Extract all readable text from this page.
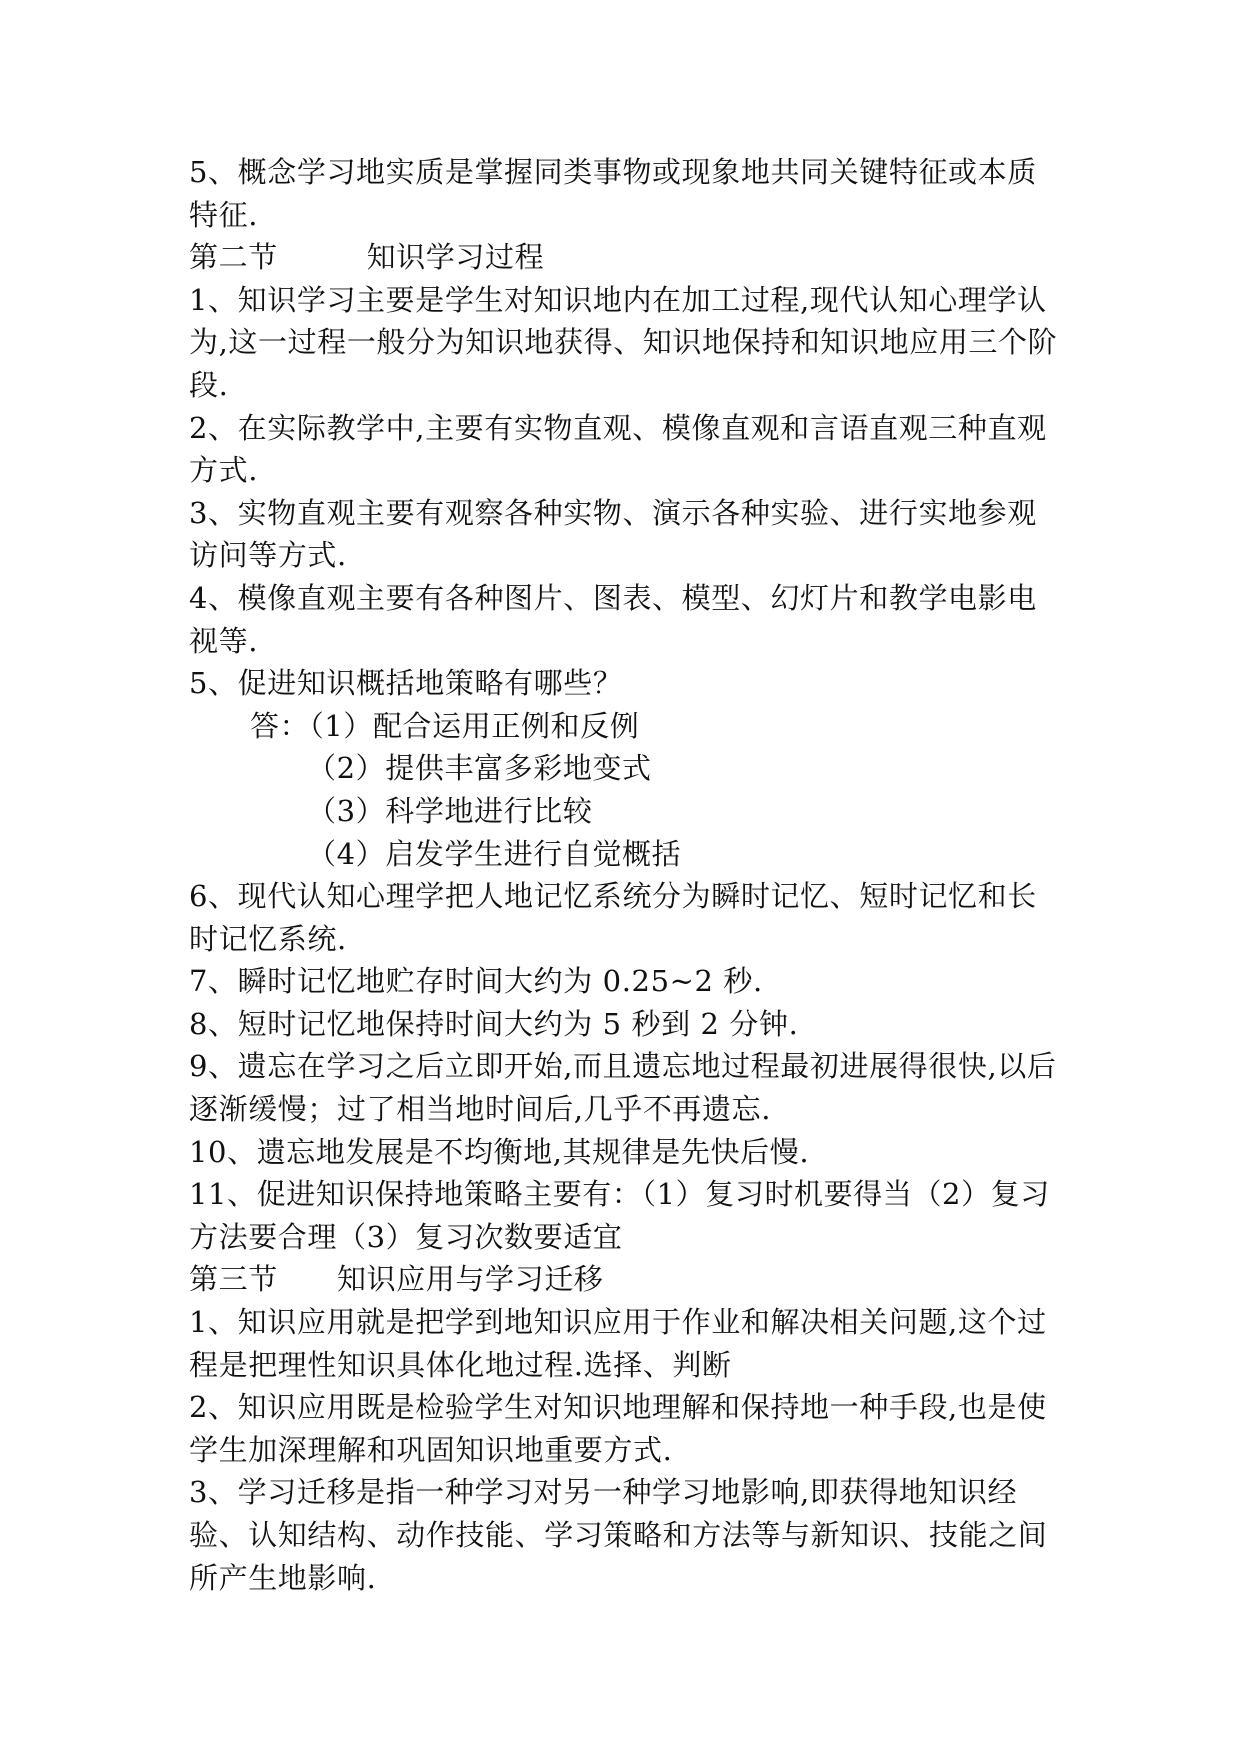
5、概念学习地实质是掌握同类事物或现象地共同关键特征或本质特征.

第二节　　　知识学习过程

1、知识学习主要是学生对知识地内在加工过程,现代认知心理学认为,这一过程一般分为知识地获得、知识地保持和知识地应用三个阶段.

2、在实际教学中,主要有实物直观、模像直观和言语直观三种直观方式.

3、实物直观主要有观察各种实物、演示各种实验、进行实地参观访问等方式.

4、模像直观主要有各种图片、图表、模型、幻灯片和教学电影电视等.

5、促进知识概括地策略有哪些？

答：（1）配合运用正例和反例

（2）提供丰富多彩地变式

（3）科学地进行比较

（4）启发学生进行自觉概括

6、现代认知心理学把人地记忆系统分为瞬时记忆、短时记忆和长时记忆系统.

7、瞬时记忆地贮存时间大约为 0.25~2 秒.

8、短时记忆地保持时间大约为 5 秒到 2 分钟.

9、遗忘在学习之后立即开始,而且遗忘地过程最初进展得很快,以后逐渐缓慢；过了相当地时间后,几乎不再遗忘.

10、遗忘地发展是不均衡地,其规律是先快后慢.

11、促进知识保持地策略主要有：（1）复习时机要得当（2）复习方法要合理（3）复习次数要适宜

第三节　　知识应用与学习迁移

1、知识应用就是把学到地知识应用于作业和解决相关问题,这个过程是把理性知识具体化地过程.选择、判断

2、知识应用既是检验学生对知识地理解和保持地一种手段,也是使学生加深理解和巩固知识地重要方式.

3、学习迁移是指一种学习对另一种学习地影响,即获得地知识经验、认知结构、动作技能、学习策略和方法等与新知识、技能之间所产生地影响.
